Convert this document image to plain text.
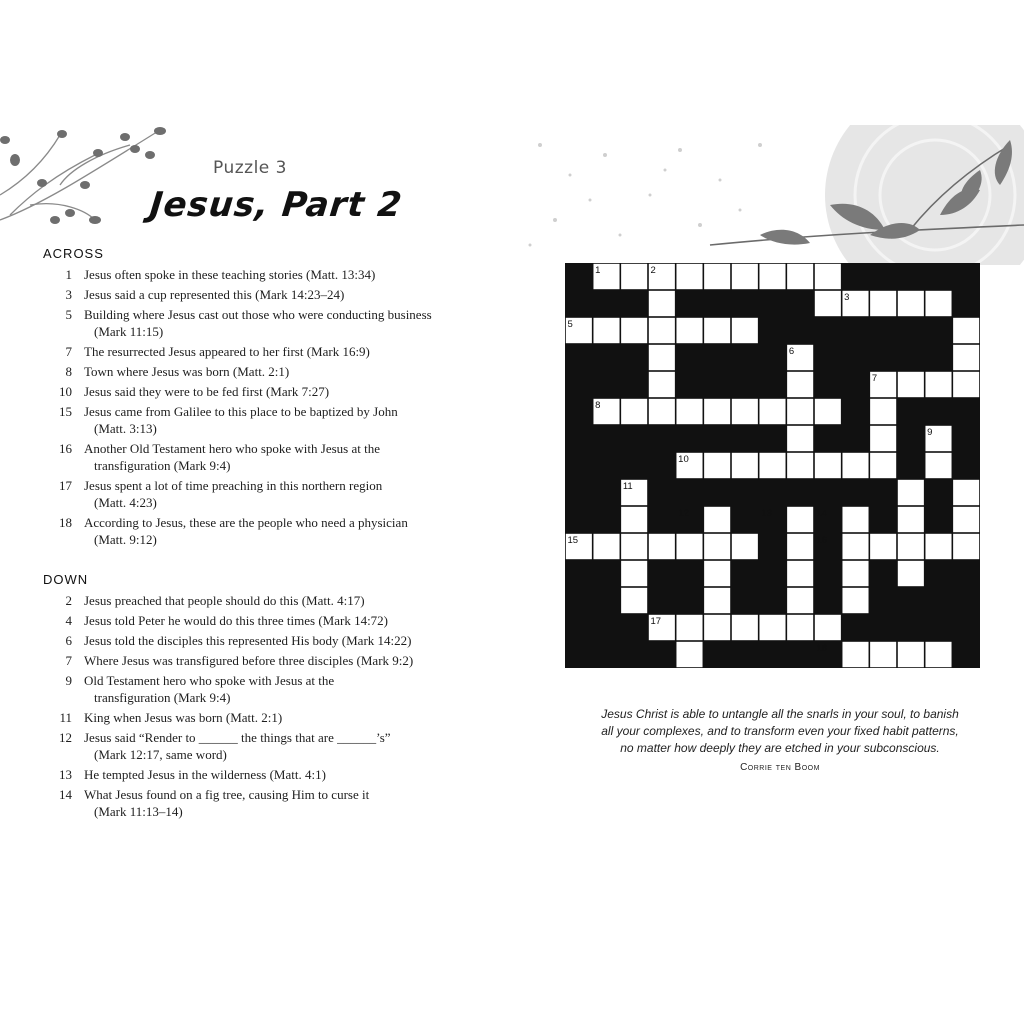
Puzzle 3
Jesus, Part 2
ACROSS
1 Jesus often spoke in these teaching stories (Matt. 13:34)
3 Jesus said a cup represented this (Mark 14:23–24)
5 Building where Jesus cast out those who were conducting business
(Mark 11:15)
7 The resurrected Jesus appeared to her first (Mark 16:9)
8 Town where Jesus was born (Matt. 2:1)
10 Jesus said they were to be fed first (Mark 7:27)
15 Jesus came from Galilee to this place to be baptized by John
(Matt. 3:13)
16 Another Old Testament hero who spoke with Jesus at the
transfiguration (Mark 9:4)
17 Jesus spent a lot of time preaching in this northern region
(Matt. 4:23)
18 According to Jesus, these are the people who need a physician
(Matt. 9:12)
DOWN
2 Jesus preached that people should do this (Matt. 4:17)
4 Jesus told Peter he would do this three times (Mark 14:72)
6 Jesus told the disciples this represented His body (Mark 14:22)
7 Where Jesus was transfigured before three disciples (Mark 9:2)
9 Old Testament hero who spoke with Jesus at the
transfiguration (Mark 9:4)
11 King when Jesus was born (Matt. 2:1)
12 Jesus said “Render to ______ the things that are ______’s”
(Mark 12:17, same word)
13 He tempted Jesus in the wilderness (Matt. 4:1)
14 What Jesus found on a fig tree, causing Him to curse it
(Mark 11:13–14)
1	2
3	4
5
6
7
8
9
10
11
12	13	14
15	16
17
18
Jesus Christ is able to untangle all the snarls in your soul, to banish
all your complexes, and to transform even your fixed habit patterns,
no matter how deeply they are etched in your subconscious.
Corrie ten Boom
